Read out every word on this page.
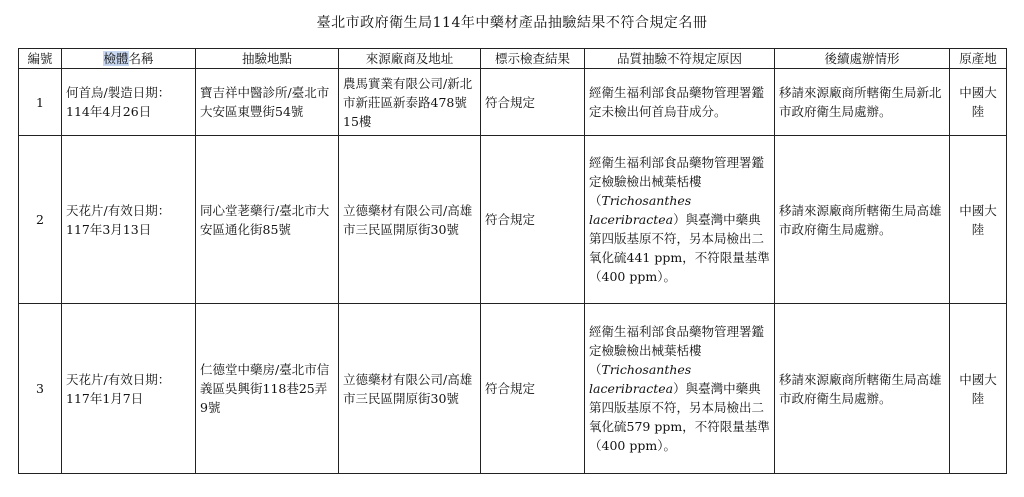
臺北市政府衛生局114年中藥材產品抽驗結果不符合規定名冊
編號	檢體名稱	抽驗地點	來源廠商及地址	標示檢查結果	品質抽驗不符規定原因	後續處辦情形	原產地
1	何首烏/製造日期：114年4月26日	寶吉祥中醫診所/臺北市大安區東豐街54號	農馬實業有限公司/新北市新莊區新泰路478號15樓	符合規定	經衛生福利部食品藥物管理署鑑定未檢出何首烏苷成分。	移請來源廠商所轄衛生局新北市政府衛生局處辦。	中國大陸
2	天花片/有效日期：117年3月13日	同心堂荖藥行/臺北市大安區通化街85號	立德藥材有限公司/高雄市三民區開原街30號	符合規定	經衛生福利部食品藥物管理署鑑定檢驗檢出械葉栝樓（Trichosanthes laceribractea）與臺灣中藥典第四版基原不符，另本局檢出二氧化硫441 ppm，不符限量基準（400 ppm）。	移請來源廠商所轄衛生局高雄市政府衛生局處辦。	中國大陸
3	天花片/有效日期：117年1月7日	仁德堂中藥房/臺北市信義區吳興街118巷25弄9號	立德藥材有限公司/高雄市三民區開原街30號	符合規定	經衛生福利部食品藥物管理署鑑定檢驗檢出械葉栝樓（Trichosanthes laceribractea）與臺灣中藥典第四版基原不符，另本局檢出二氧化硫579 ppm，不符限量基準（400 ppm）。	移請來源廠商所轄衛生局高雄市政府衛生局處辦。	中國大陸
